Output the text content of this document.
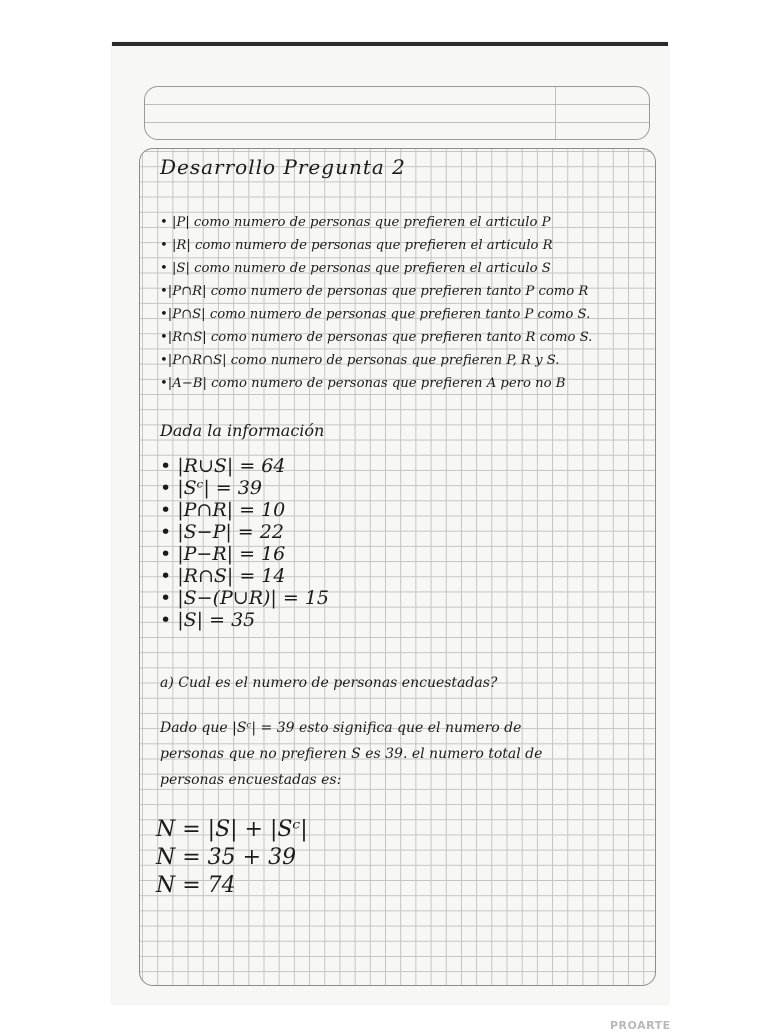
Desarrollo Pregunta 2
• |P| como numero de personas que prefieren el articulo P
• |R| como numero de personas que prefieren el articulo R
• |S| como numero de personas que prefieren el articulo S
•|P∩R| como numero de personas que prefieren tanto P como R
•|P∩S| como numero de personas que prefieren tanto P como S.
•|R∩S| como numero de personas que prefieren tanto R como S.
•|P∩R∩S| como numero de personas que prefieren P, R y S.
•|A−B| como numero de personas que prefieren A pero no B
Dada la información
• |R∪S| = 64
• |Sᶜ| = 39
• |P∩R| = 10
• |S−P| = 22
• |P−R| = 16
• |R∩S| = 14
• |S−(P∪R)| = 15
• |S| = 35
a) Cual es el numero de personas encuestadas?
Dado que |Sᶜ| = 39 esto significa que el numero de
personas que no prefieren S es 39. el numero total de
personas encuestadas es:
N = |S| + |Sᶜ|
N = 35 + 39
N = 74
PROARTE
